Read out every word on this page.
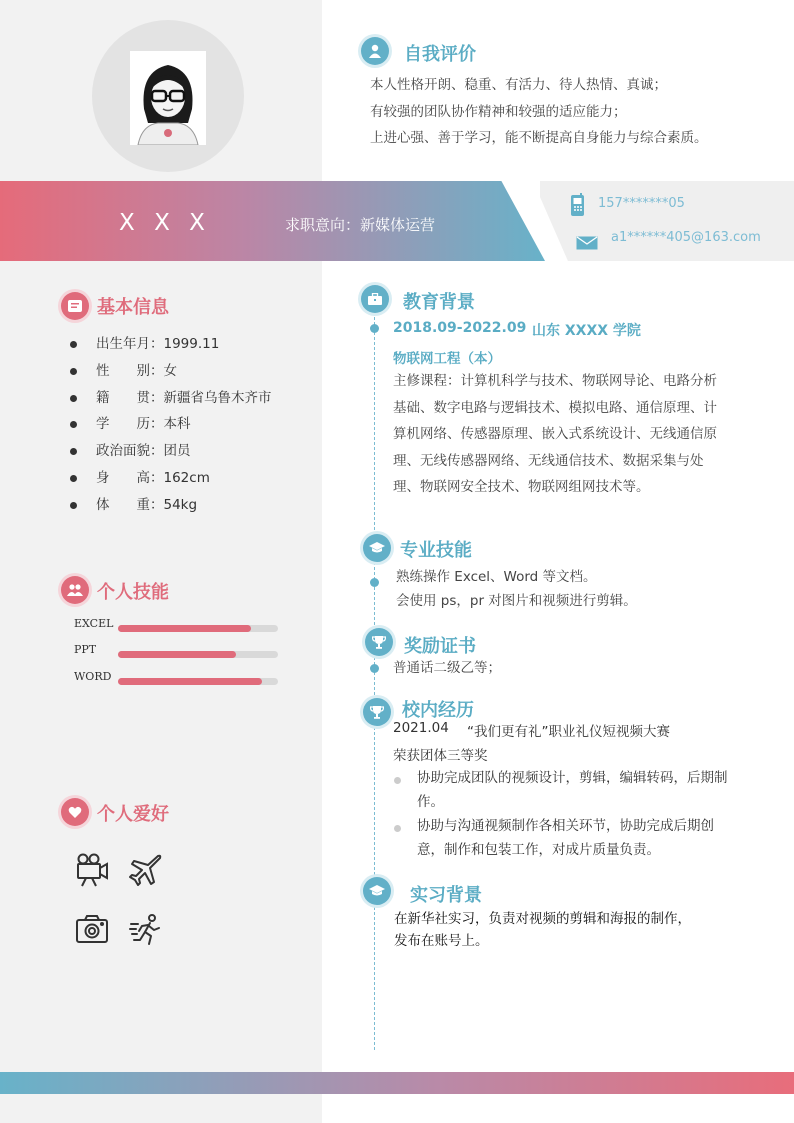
X X X	求职意向：新媒体运营
157*******05
a1******405@163.com
自我评价
本人性格开朗、稳重、有活力、待人热情、真诚；
有较强的团队协作精神和较强的适应能力；
上进心强、善于学习，能不断提高自身能力与综合素质。
基本信息
出生年月：1999.11
性　　别：女
籍　　贯：新疆省乌鲁木齐市
学　　历：本科
政治面貌：团员
身　　高：162cm
体　　重：54kg
个人技能
EXCEL
PPT
WORD
个人爱好
教育背景
2018.09-2022.09 山东 XXXX 学院
物联网工程（本）
主修课程：计算机科学与技术、物联网导论、电路分析
基础、数字电路与逻辑技术、模拟电路、通信原理、计
算机网络、传感器原理、嵌入式系统设计、无线通信原
理、无线传感器网络、无线通信技术、数据采集与处
理、物联网安全技术、物联网组网技术等。
专业技能
熟练操作 Excel、Word 等文档。
会使用 ps，pr 对图片和视频进行剪辑。
奖励证书
普通话二级乙等；
校内经历
2021.04 “我们更有礼”职业礼仪短视频大赛
荣获团体三等奖
协助完成团队的视频设计，剪辑，编辑转码，后期制
作。
协助与沟通视频制作各相关环节，协助完成后期创
意，制作和包装工作，对成片质量负责。
实习背景
在新华社实习，负责对视频的剪辑和海报的制作，
发布在账号上。
